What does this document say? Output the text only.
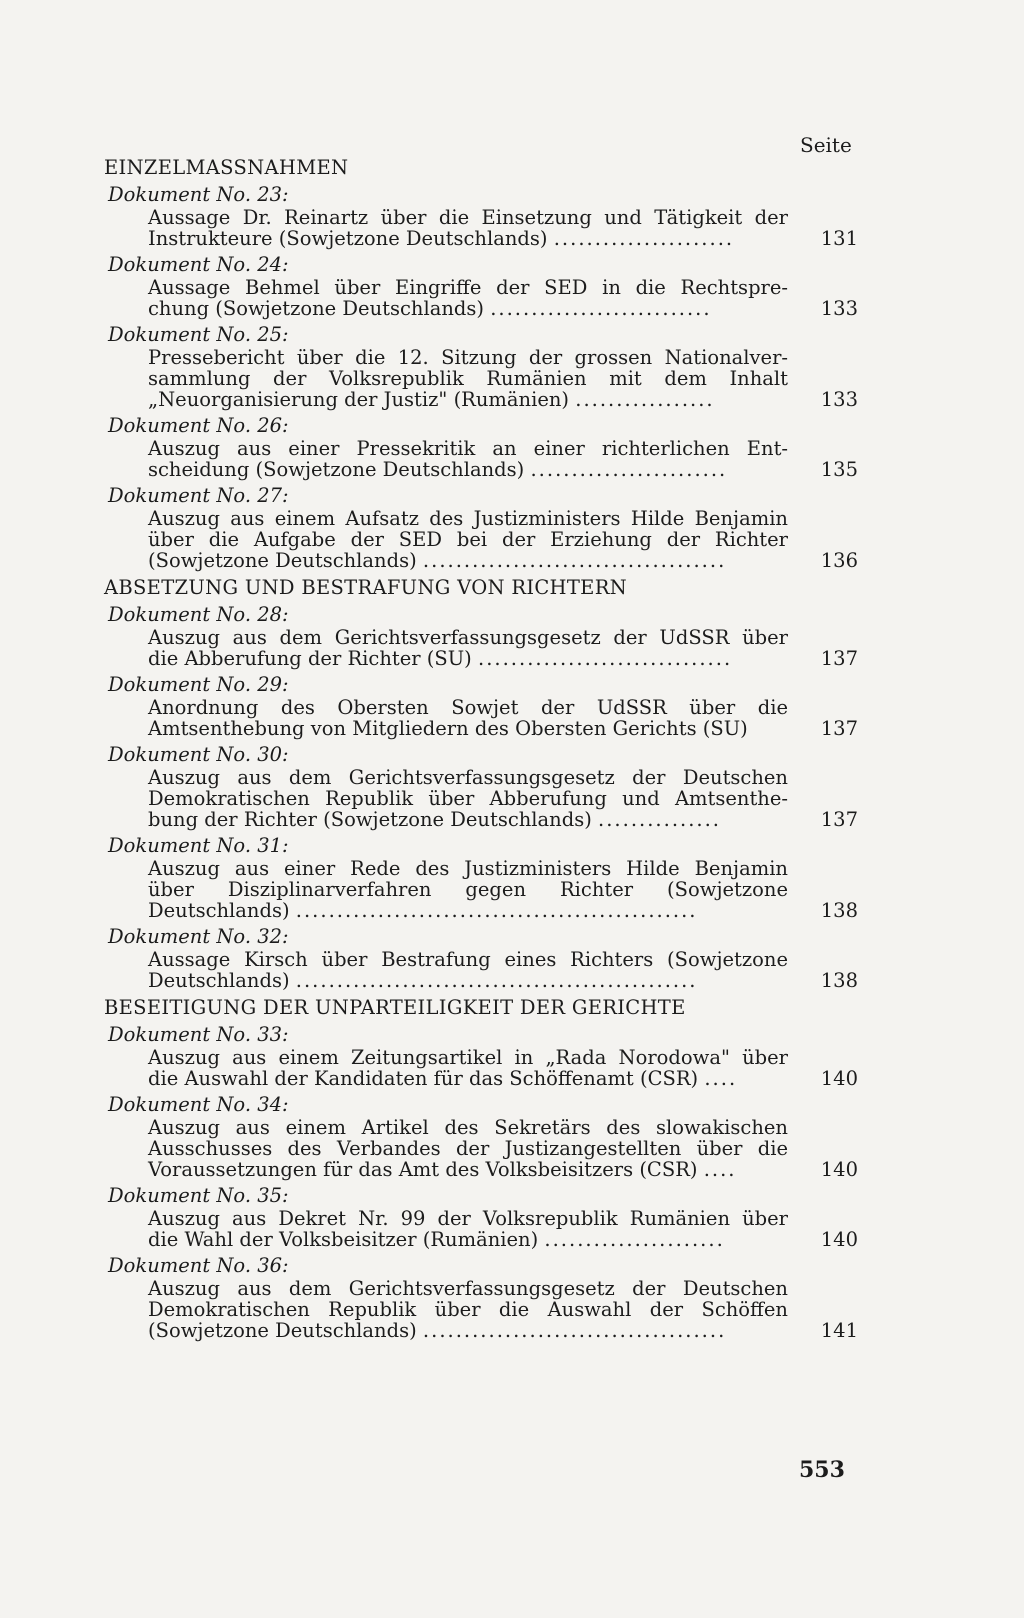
Seite
EINZELMASSNAHMEN
Dokument No. 23:
Aussage Dr. Reinartz über die Einsetzung und Tätigkeit der
Instrukteure (Sowjetzone Deutschlands) ......................	131
Dokument No. 24:
Aussage Behmel über Eingriffe der SED in die Rechtspre-
chung (Sowjetzone Deutschlands) ...........................	133
Dokument No. 25:
Pressebericht über die 12. Sitzung der grossen Nationalver-
sammlung der Volksrepublik Rumänien mit dem Inhalt
„Neuorganisierung der Justiz" (Rumänien) .................	133
Dokument No. 26:
Auszug aus einer Pressekritik an einer richterlichen Ent-
scheidung (Sowjetzone Deutschlands) ........................	135
Dokument No. 27:
Auszug aus einem Aufsatz des Justizministers Hilde Benjamin
über die Aufgabe der SED bei der Erziehung der Richter
(Sowjetzone Deutschlands) .....................................	136
ABSETZUNG UND BESTRAFUNG VON RICHTERN
Dokument No. 28:
Auszug aus dem Gerichtsverfassungsgesetz der UdSSR über
die Abberufung der Richter (SU) ...............................	137
Dokument No. 29:
Anordnung des Obersten Sowjet der UdSSR über die
Amtsenthebung von Mitgliedern des Obersten Gerichts (SU)	137
Dokument No. 30:
Auszug aus dem Gerichtsverfassungsgesetz der Deutschen
Demokratischen Republik über Abberufung und Amtsenthe-
bung der Richter (Sowjetzone Deutschlands) ...............	137
Dokument No. 31:
Auszug aus einer Rede des Justizministers Hilde Benjamin
über Disziplinarverfahren gegen Richter (Sowjetzone
Deutschlands) .................................................	138
Dokument No. 32:
Aussage Kirsch über Bestrafung eines Richters (Sowjetzone
Deutschlands) .................................................	138
BESEITIGUNG DER UNPARTEILIGKEIT DER GERICHTE
Dokument No. 33:
Auszug aus einem Zeitungsartikel in „Rada Norodowa" über
die Auswahl der Kandidaten für das Schöffenamt (CSR) ....	140
Dokument No. 34:
Auszug aus einem Artikel des Sekretärs des slowakischen
Ausschusses des Verbandes der Justizangestellten über die
Voraussetzungen für das Amt des Volksbeisitzers (CSR) ....	140
Dokument No. 35:
Auszug aus Dekret Nr. 99 der Volksrepublik Rumänien über
die Wahl der Volksbeisitzer (Rumänien) ......................	140
Dokument No. 36:
Auszug aus dem Gerichtsverfassungsgesetz der Deutschen
Demokratischen Republik über die Auswahl der Schöffen
(Sowjetzone Deutschlands) .....................................	141
553
